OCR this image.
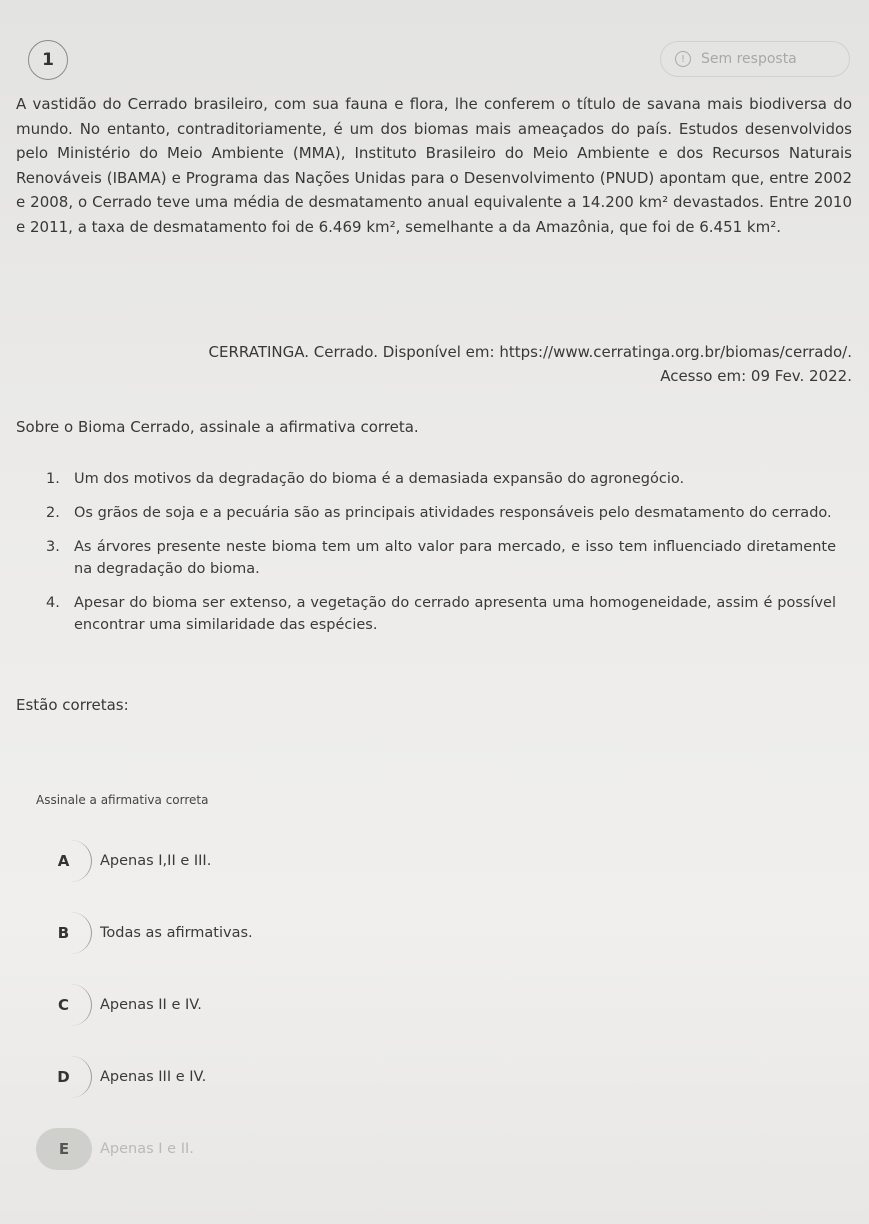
1	!	Sem resposta
A vastidão do Cerrado brasileiro, com sua fauna e flora, lhe conferem o título de savana mais biodiversa do mundo. No entanto, contraditoriamente, é um dos biomas mais ameaçados do país. Estudos desenvolvidos pelo Ministério do Meio Ambiente (MMA), Instituto Brasileiro do Meio Ambiente e dos Recursos Naturais Renováveis (IBAMA) e Programa das Nações Unidas para o Desenvolvimento (PNUD) apontam que, entre 2002 e 2008, o Cerrado teve uma média de desmatamento anual equivalente a 14.200 km² devastados. Entre 2010 e 2011, a taxa de desmatamento foi de 6.469 km², semelhante a da Amazônia, que foi de 6.451 km².
CERRATINGA. Cerrado. Disponível em: https://www.cerratinga.org.br/biomas/cerrado/.
Acesso em: 09 Fev. 2022.
Sobre o Bioma Cerrado, assinale a afirmativa correta.
1. Um dos motivos da degradação do bioma é a demasiada expansão do agronegócio.
2. Os grãos de soja e a pecuária são as principais atividades responsáveis pelo desmatamento do cerrado.
3. As árvores presente neste bioma tem um alto valor para mercado, e isso tem influenciado diretamente na degradação do bioma.
4. Apesar do bioma ser extenso, a vegetação do cerrado apresenta uma homogeneidade, assim é possível encontrar uma similaridade das espécies.
Estão corretas:
Assinale a afirmativa correta
A	Apenas I,II e III.
B	Todas as afirmativas.
C	Apenas II e IV.
D	Apenas III e IV.
E	Apenas I e II.
